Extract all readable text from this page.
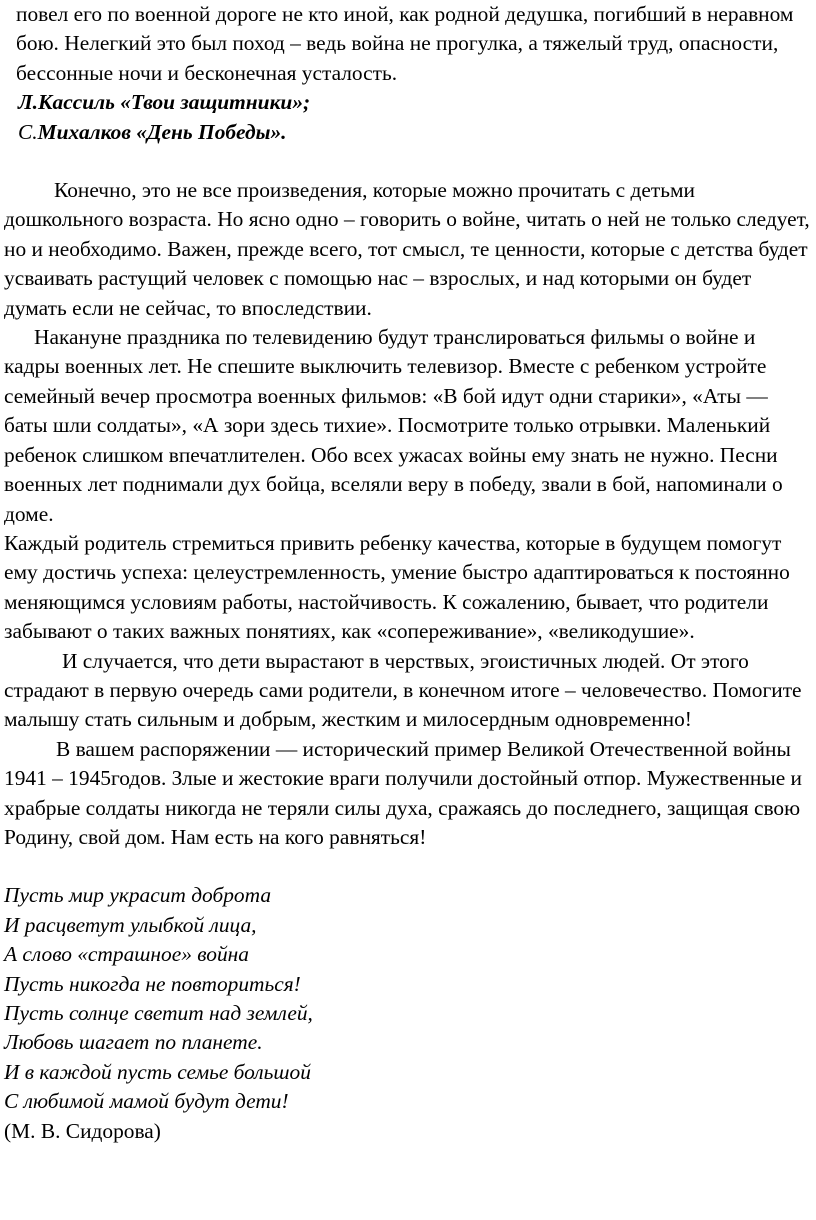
повел его по военной дороге не кто иной, как родной дедушка, погибший в неравном бою. Нелегкий это был поход – ведь война не прогулка, а тяжелый труд, опасности, бессонные ночи и бесконечная усталость.

Л.Кассиль «Твои защитники»;

С.Михалков «День Победы».

Конечно, это не все произведения, которые можно прочитать с детьми дошкольного возраста. Но ясно одно – говорить о войне, читать о ней не только следует, но и необходимо. Важен, прежде всего, тот смысл, те ценности, которые с детства будет усваивать растущий человек с помощью нас – взрослых, и над которыми он будет думать если не сейчас, то впоследствии.

Накануне праздника по телевидению будут транслироваться фильмы о войне и кадры военных лет. Не спешите выключить телевизор. Вместе с ребенком устройте семейный вечер просмотра военных фильмов: «В бой идут одни старики», «Аты — баты шли солдаты», «А зори здесь тихие». Посмотрите только отрывки. Маленький ребенок слишком впечатлителен. Обо всех ужасах войны ему знать не нужно. Песни военных лет поднимали дух бойца, вселяли веру в победу, звали в бой, напоминали о доме.

Каждый родитель стремиться привить ребенку качества, которые в будущем помогут ему достичь успеха: целеустремленность, умение быстро адаптироваться к постоянно меняющимся условиям работы, настойчивость. К сожалению, бывает, что родители забывают о таких важных понятиях, как «сопереживание», «великодушие».

И случается, что дети вырастают в черствых, эгоистичных людей. От этого страдают в первую очередь сами родители, в конечном итоге – человечество. Помогите малышу стать сильным и добрым, жестким и милосердным одновременно!

В вашем распоряжении — исторический пример Великой Отечественной войны 1941 – 1945годов. Злые и жестокие враги получили достойный отпор. Мужественные и храбрые солдаты никогда не теряли силы духа, сражаясь до последнего, защищая свою Родину, свой дом. Нам есть на кого равняться!

Пусть мир украсит доброта
И расцветут улыбкой лица,
А слово «страшное» война
Пусть никогда не повториться!
Пусть солнце светит над землей,
Любовь шагает по планете.
И в каждой пусть семье большой
С любимой мамой будут дети!
(М. В. Сидорова)
